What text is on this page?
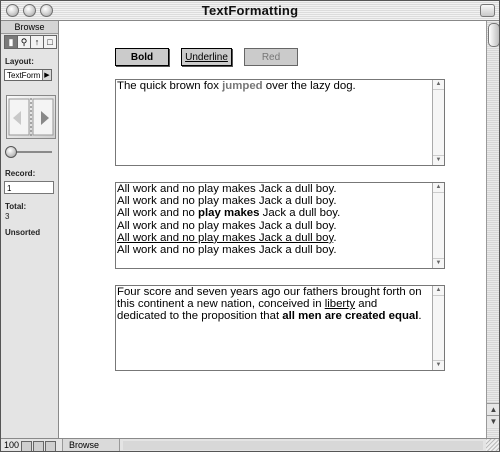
TextFormatting
Browse
▮ ⚲ ↑ □
Layout:
TextForm ▶
Record:
1
Total:
3
Unsorted
▲
▼
Bold	Underline	Red
The quick brown fox jumped over the lazy dog.	▲
▼
All work and no play makes Jack a dull boy.
All work and no play makes Jack a dull boy.
All work and no play makes Jack a dull boy.
All work and no play makes Jack a dull boy.
All work and no play makes Jack a dull boy.
All work and no play makes Jack a dull boy.
▲
▼
Four score and seven years ago our fathers brought forth on
this continent a new nation, conceived in liberty and
dedicated to the proposition that all men are created equal.
▲
▼
100	Browse
